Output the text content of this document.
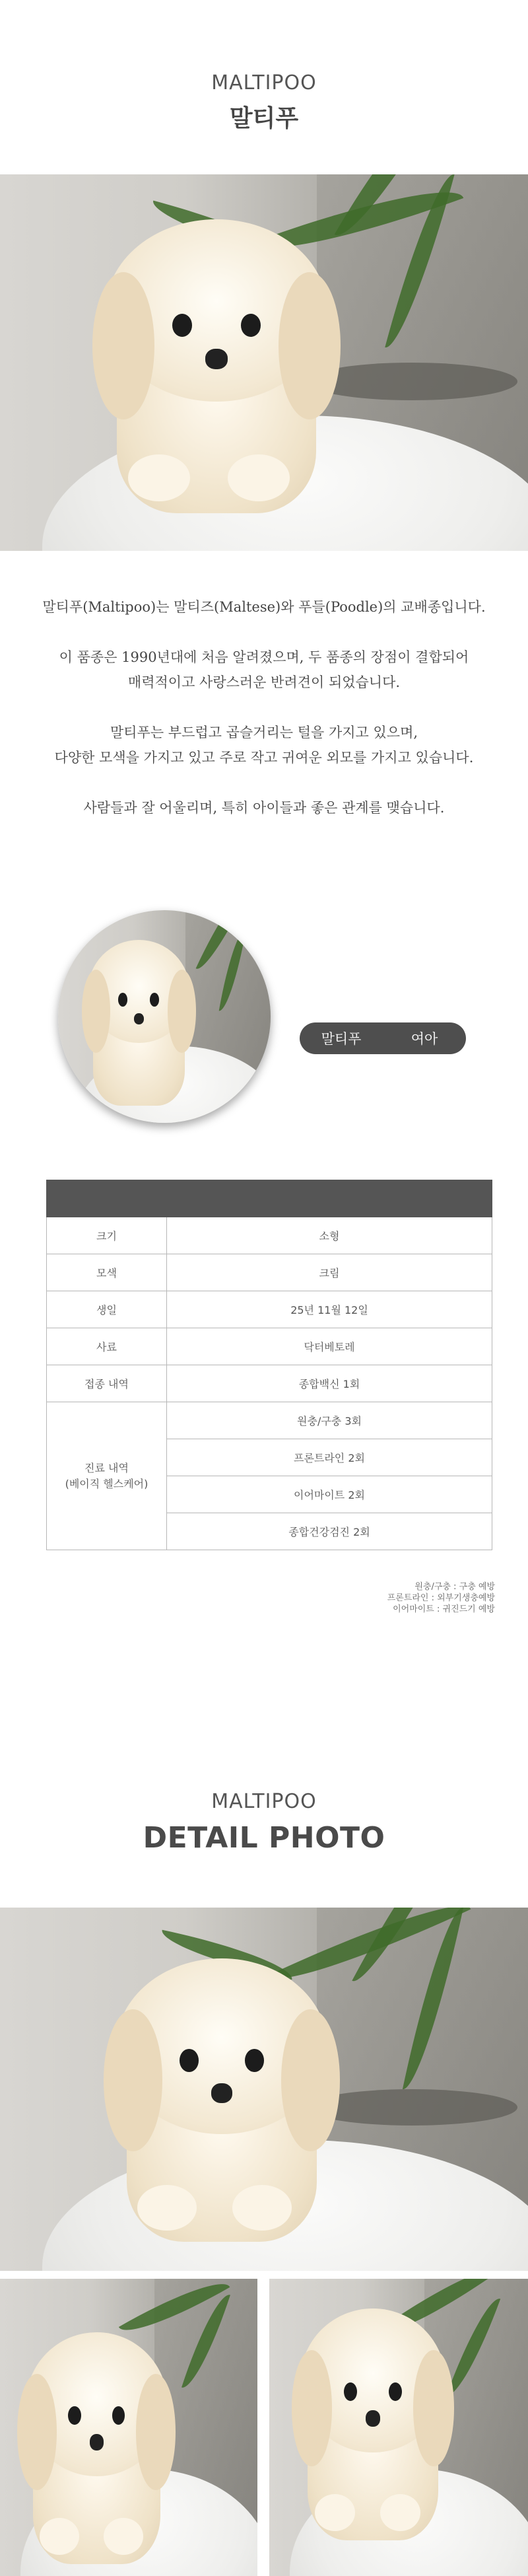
MALTIPOO
말티푸

말티푸(Maltipoo)는 말티즈(Maltese)와 푸들(Poodle)의 교배종입니다.

이 품종은 1990년대에 처음 알려졌으며, 두 품종의 장점이 결합되어
매력적이고 사랑스러운 반려견이 되었습니다.

말티푸는 부드럽고 곱슬거리는 털을 가지고 있으며,
다양한 모색을 가지고 있고 주로 작고 귀여운 외모를 가지고 있습니다.

사람들과 잘 어울리며, 특히 아이들과 좋은 관계를 맺습니다.

말티푸	여아

크기	소형
모색	크림
생일	25년 11월 12일
사료	닥터베토레
접종 내역	종합백신 1회
진료 내역
(베이직 헬스케어)	원충/구충 3회
	프론트라인 2회
	이어마이트 2회
	종합건강검진 2회
원충/구충 : 구충 예방
프론트라인 : 외부기생충예방
이어마이트 : 귀진드기 예방
MALTIPOO
DETAIL PHOTO
